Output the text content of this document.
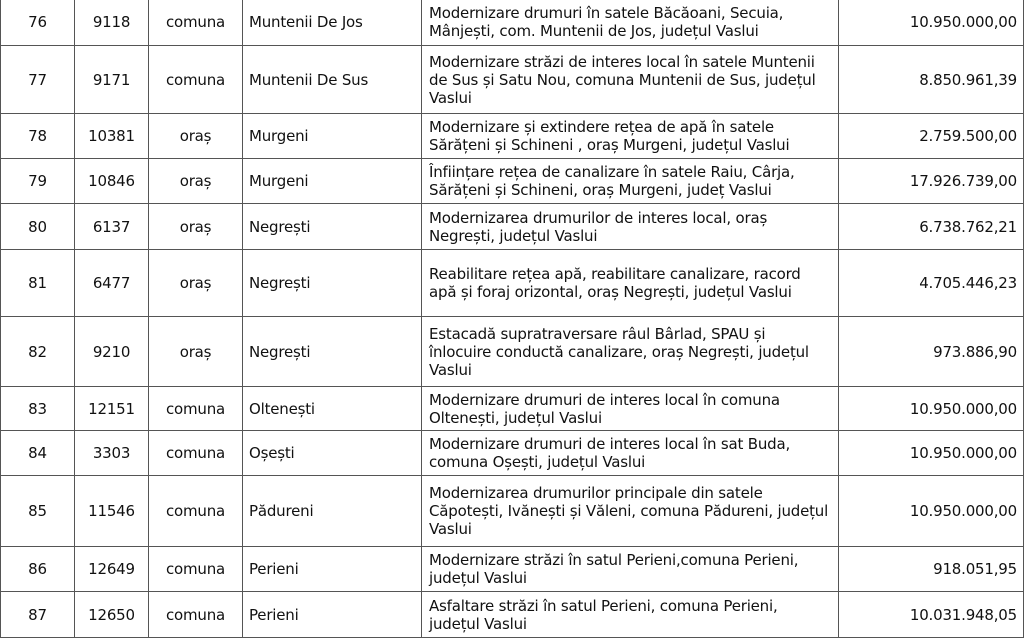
76	9118	comuna	Muntenii De Jos	Modernizare drumuri în satele Băcăoani, Secuia, Mânjești, com. Muntenii de Jos, județul Vaslui	10.950.000,00
77	9171	comuna	Muntenii De Sus	Modernizare străzi de interes local în satele Muntenii de Sus și Satu Nou, comuna Muntenii de Sus, județul Vaslui	8.850.961,39
78	10381	oraș	Murgeni	Modernizare și extindere rețea de apă în satele Sărățeni și Schineni , oraș Murgeni, județul Vaslui	2.759.500,00
79	10846	oraș	Murgeni	Înființare rețea de canalizare în satele Raiu, Cârja, Sărățeni și Schineni, oraș Murgeni, județ Vaslui	17.926.739,00
80	6137	oraș	Negrești	Modernizarea drumurilor de interes local, oraș Negrești, județul Vaslui	6.738.762,21
81	6477	oraș	Negrești	Reabilitare rețea apă, reabilitare canalizare, racord apă și foraj orizontal, oraș Negrești, județul Vaslui	4.705.446,23
82	9210	oraș	Negrești	Estacadă supratraversare râul Bârlad, SPAU și înlocuire conductă canalizare, oraș Negrești, județul Vaslui	973.886,90
83	12151	comuna	Oltenești	Modernizare drumuri de interes local în comuna Oltenești, județul Vaslui	10.950.000,00
84	3303	comuna	Oșești	Modernizare drumuri de interes local în sat Buda, comuna Oșești, județul Vaslui	10.950.000,00
85	11546	comuna	Pădureni	Modernizarea drumurilor principale din satele Căpotești, Ivănești și Văleni, comuna Pădureni, județul Vaslui	10.950.000,00
86	12649	comuna	Perieni	Modernizare străzi în satul Perieni,comuna Perieni, județul Vaslui	918.051,95
87	12650	comuna	Perieni	Asfaltare străzi în satul Perieni, comuna Perieni, județul Vaslui	10.031.948,05
